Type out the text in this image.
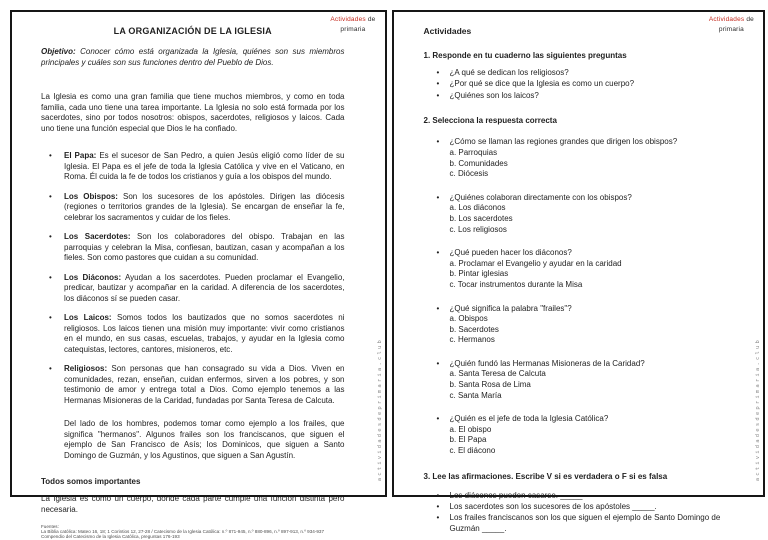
Actividades de
primaria
LA ORGANIZACIÓN DE LA IGLESIA

Objetivo: Conocer cómo está organizada la Iglesia, quiénes son sus miembros principales y cuáles son sus funciones dentro del Pueblo de Dios.

La Iglesia es como una gran familia que tiene muchos miembros, y como en toda familia, cada uno tiene una tarea importante. La Iglesia no solo está formada por los sacerdotes, sino por todos nosotros: obispos, sacerdotes, religiosos y laicos. Cada uno tiene una función especial que Dios le ha confiado.

• El Papa: Es el sucesor de San Pedro, a quien Jesús eligió como líder de su Iglesia. El Papa es el jefe de toda la Iglesia Católica y vive en el Vaticano, en Roma. Él cuida la fe de todos los cristianos y guía a los obispos del mundo.
• Los Obispos: Son los sucesores de los apóstoles. Dirigen las diócesis (regiones o territorios grandes de la Iglesia). Se encargan de enseñar la fe, celebrar los sacramentos y cuidar de los fieles.
• Los Sacerdotes: Son los colaboradores del obispo. Trabajan en las parroquias y celebran la Misa, confiesan, bautizan, casan y acompañan a los fieles. Son como pastores que cuidan a su comunidad.
• Los Diáconos: Ayudan a los sacerdotes. Pueden proclamar el Evangelio, predicar, bautizar y acompañar en la caridad. A diferencia de los sacerdotes, los diáconos sí se pueden casar.
• Los Laicos: Somos todos los bautizados que no somos sacerdotes ni religiosos. Los laicos tienen una misión muy importante: vivir como cristianos en el mundo, en sus casas, escuelas, trabajos, y ayudar en la Iglesia como catequistas, lectores, cantores, misioneros, etc.
• Religiosos: Son personas que han consagrado su vida a Dios. Viven en comunidades, rezan, enseñan, cuidan enfermos, sirven a los pobres, y son testimonio de amor y entrega total a Dios. Como ejemplo tenemos a las Hermanas Misioneras de la Caridad, fundadas por Santa Teresa de Calcuta.

Del lado de los hombres, podemos tomar como ejemplo a los frailes, que significa "hermanos". Algunos frailes son los franciscanos, que siguen el ejemplo de San Francisco de Asís; los Dominicos, que siguen a Santo Domingo de Guzmán, y los Agustinos, que siguen a San Agustín.

Todos somos importantes

La Iglesia es como un cuerpo, donde cada parte cumple una función distinta pero necesaria.

Fuentes:
La Biblia católica: Mateo 16, 18; 1 Corintios 12, 27-28 / Catecismo de la Iglesia Católica: n.º 871-945, n.º 880-896, n.º 897-913, n.º 934-937
Compendio del Catecismo de la Iglesia Católica, preguntas 176-193
actividadesdeprimaria.club
Actividades de
primaria
Actividades
1. Responde en tu cuaderno las siguientes preguntas
• ¿A qué se dedican los religiosos?
• ¿Por qué se dice que la Iglesia es como un cuerpo?
• ¿Quiénes son los laicos?
2. Selecciona la respuesta correcta
• ¿Cómo se llaman las regiones grandes que dirigen los obispos?
a. Parroquias
b. Comunidades
c. Diócesis
• ¿Quiénes colaboran directamente con los obispos?
a. Los diáconos
b. Los sacerdotes
c. Los religiosos
• ¿Qué pueden hacer los diáconos?
a. Proclamar el Evangelio y ayudar en la caridad
b. Pintar iglesias
c. Tocar instrumentos durante la Misa
• ¿Qué significa la palabra "frailes"?
a. Obispos
b. Sacerdotes
c. Hermanos
• ¿Quién fundó las Hermanas Misioneras de la Caridad?
a. Santa Teresa de Calcuta
b. Santa Rosa de Lima
c. Santa María
• ¿Quién es el jefe de toda la Iglesia Católica?
a. El obispo
b. El Papa
c. El diácono
3. Lee las afirmaciones. Escribe V si es verdadera o F si es falsa
• Los diáconos pueden casarse. _____
• Los sacerdotes son los sucesores de los apóstoles _____.
• Los frailes franciscanos son los que siguen el ejemplo de Santo Domingo de Guzmán _____.
actividadesdeprimaria.club
